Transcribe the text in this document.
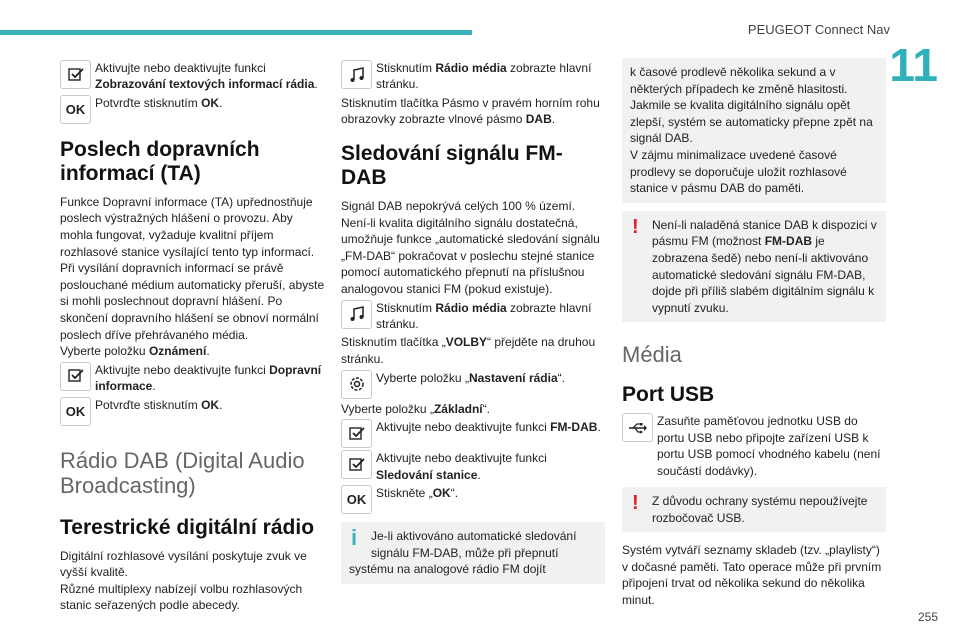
PEUGEOT Connect Nav
11
Aktivujte nebo deaktivujte funkci Zobrazování textových informací rádia.
OK Potvrďte stisknutím OK.
Poslech dopravních informací (TA)

Funkce Dopravní informace (TA) upřednostňuje poslech výstražných hlášení o provozu. Aby mohla fungovat, vyžaduje kvalitní příjem rozhlasové stanice vysílající tento typ informací. Při vysílání dopravních informací se právě poslouchané médium automaticky přeruší, abyste si mohli poslechnout dopravní hlášení. Po skončení dopravního hlášení se obnoví normální poslech dříve přehrávaného média.

Vyberte položku Oznámení.

Aktivujte nebo deaktivujte funkci Dopravní informace.
OK Potvrďte stisknutím OK.
Rádio DAB (Digital Audio Broadcasting)
Terestrické digitální rádio

Digitální rozhlasové vysílání poskytuje zvuk ve vyšší kvalitě.

Různé multiplexy nabízejí volbu rozhlasových stanic seřazených podle abecedy.

Stisknutím Rádio média zobrazte hlavní stránku.

Stisknutím tlačítka Pásmo v pravém horním rohu obrazovky zobrazte vlnové pásmo DAB.

Sledování signálu FM-DAB

Signál DAB nepokrývá celých 100 % území. Není-li kvalita digitálního signálu dostatečná, umožňuje funkce „automatické sledování signálu „FM-DAB“ pokračovat v poslechu stejné stanice pomocí automatického přepnutí na příslušnou analogovou stanici FM (pokud existuje).

Stisknutím Rádio média zobrazte hlavní stránku.

Stisknutím tlačítka „VOLBY“ přejděte na druhou stránku.

Vyberte položku „Nastavení rádia“.

Vyberte položku „Základní“.

Aktivujte nebo deaktivujte funkci FM-DAB.
Aktivujte nebo deaktivujte funkci Sledování stanice.
OK Stiskněte „OK“.
i	Je-li aktivováno automatické sledování signálu FM-DAB, může při přepnutí
systému na analogové rádio FM dojít
k časové prodlevě několika sekund a v některých případech ke změně hlasitosti. Jakmile se kvalita digitálního signálu opět zlepší, systém se automaticky přepne zpět na signál DAB.
V zájmu minimalizace uvedené časové prodlevy se doporučuje uložit rozhlasové stanice v pásmu DAB do paměti.
!	Není-li naladěná stanice DAB k dispozici v pásmu FM (možnost FM-DAB je zobrazena šedě) nebo není-li aktivováno automatické sledování signálu FM-DAB, dojde při příliš slabém digitálním signálu k vypnutí zvuku.
Média
Port USB
Zasuňte paměťovou jednotku USB do portu USB nebo připojte zařízení USB k portu USB pomocí vhodného kabelu (není součástí dodávky).
!	Z důvodu ochrany systému nepoužívejte rozbočovač USB.

Systém vytváří seznamy skladeb (tzv. „playlisty“) v dočasné paměti. Tato operace může při prvním připojení trvat od několika sekund do několika minut.

255
